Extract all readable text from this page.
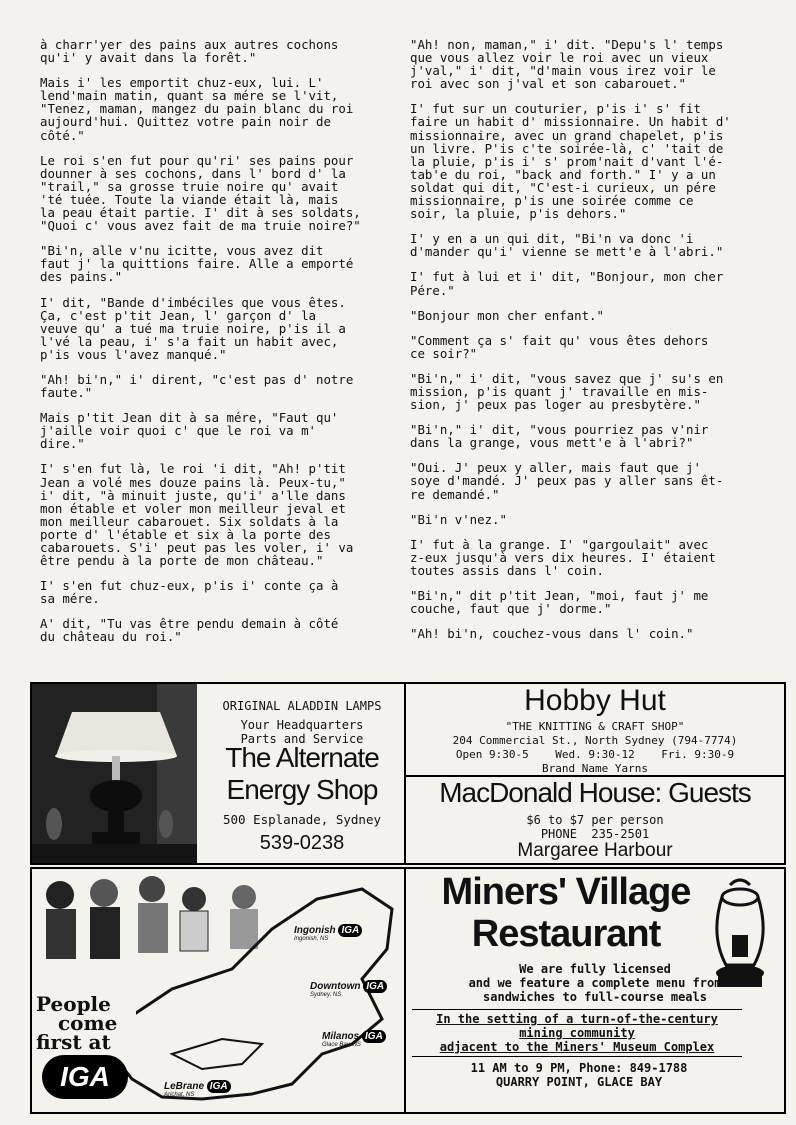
à charr'yer des pains aux autres cochons
qu'i' y avait dans la forêt."

Mais i' les emportit chuz-eux, lui. L'
lend'main matin, quant sa mére se l'vit,
"Tenez, maman, mangez du pain blanc du roi
aujourd'hui. Quittez votre pain noir de
côté."

Le roi s'en fut pour qu'ri' ses pains pour
dounner à ses cochons, dans l' bord d' la
"trail," sa grosse truie noire qu' avait
'té tuée. Toute la viande était là, mais
la peau était partie. I' dit à ses soldats,
"Quoi c' vous avez fait de ma truie noire?"

"Bi'n, alle v'nu icitte, vous avez dit
faut j' la quittions faire. Alle a emporté
des pains."

I' dit, "Bande d'imbéciles que vous êtes.
Ça, c'est p'tit Jean, l' garçon d' la
veuve qu' a tué ma truie noire, p'is il a
l'vé la peau, i' s'a fait un habit avec,
p'is vous l'avez manqué."

"Ah! bi'n," i' dirent, "c'est pas d' notre
faute."

Mais p'tit Jean dit à sa mére, "Faut qu'
j'aille voir quoi c' que le roi va m'
dire."

I' s'en fut là, le roi 'i dit, "Ah! p'tit
Jean a volé mes douze pains là. Peux-tu,"
i' dit, "à minuit juste, qu'i' a'lle dans
mon étable et voler mon meilleur jeval et
mon meilleur cabarouet. Six soldats à la
porte d' l'étable et six à la porte des
cabarouets. S'i' peut pas les voler, i' va
être pendu à la porte de mon château."

I' s'en fut chuz-eux, p'is i' conte ça à
sa mére.

A' dit, "Tu vas être pendu demain à côté
du château du roi."

"Ah! non, maman," i' dit. "Depu's l' temps
que vous allez voir le roi avec un vieux
j'val," i' dit, "d'main vous irez voir le
roi avec son j'val et son cabarouet."

I' fut sur un couturier, p'is i' s' fit
faire un habit d' missionnaire. Un habit d'
missionnaire, avec un grand chapelet, p'is
un livre. P'is c'te soirée-là, c' 'tait de
la pluie, p'is i' s' prom'nait d'vant l'é-
tab'e du roi, "back and forth." I' y a un
soldat qui dit, "C'est-i curieux, un pére
missionnaire, p'is une soirée comme ce
soir, la pluie, p'is dehors."

I' y en a un qui dit, "Bi'n va donc 'i
d'mander qu'i' vienne se mett'e à l'abri."

I' fut à lui et i' dit, "Bonjour, mon cher
Pére."

"Bonjour mon cher enfant."

"Comment ça s' fait qu' vous êtes dehors
ce soir?"

"Bi'n," i' dit, "vous savez que j' su's en
mission, p'is quant j' travaille en mis-
sion, j' peux pas loger au presbytère."

"Bi'n," i' dit, "vous pourriez pas v'nir
dans la grange, vous mett'e à l'abri?"

"Oui. J' peux y aller, mais faut que j'
soye d'mandé. J' peux pas y aller sans êt-
re demandé."

"Bi'n v'nez."

I' fut à la grange. I' "gargoulait" avec
z-eux jusqu'à vers dix heures. I' étaient
toutes assis dans l' coin.

"Bi'n," dit p'tit Jean, "moi, faut j' me
couche, faut que j' dorme."

"Ah! bi'n, couchez-vous dans l' coin."

ORIGINAL ALADDIN LAMPS
Your Headquarters
Parts and Service
The Alternate
Energy Shop
500 Esplanade, Sydney
539-0238
Hobby Hut
"THE KNITTING & CRAFT SHOP"
204 Commercial St., North Sydney (794-7774)
Open 9:30-5    Wed. 9:30-12    Fri. 9:30-9
Brand Name Yarns
MacDonald House: Guests
$6 to $7 per person
PHONE  235-2501
Margaree Harbour
Ingonish IGA
Ingonish, NS
Downtown IGA
Sydney, NS
Milanos IGA
Glace Bay, NS
LeBrane IGA
Arichat, NS
People
come
first at
IGA
Miners' Village
Restaurant
We are fully licensed
and we feature a complete menu from
sandwiches to full-course meals
In the setting of a turn-of-the-century
mining community
adjacent to the Miners' Museum Complex
11 AM to 9 PM, Phone: 849-1788
QUARRY POINT, GLACE BAY
